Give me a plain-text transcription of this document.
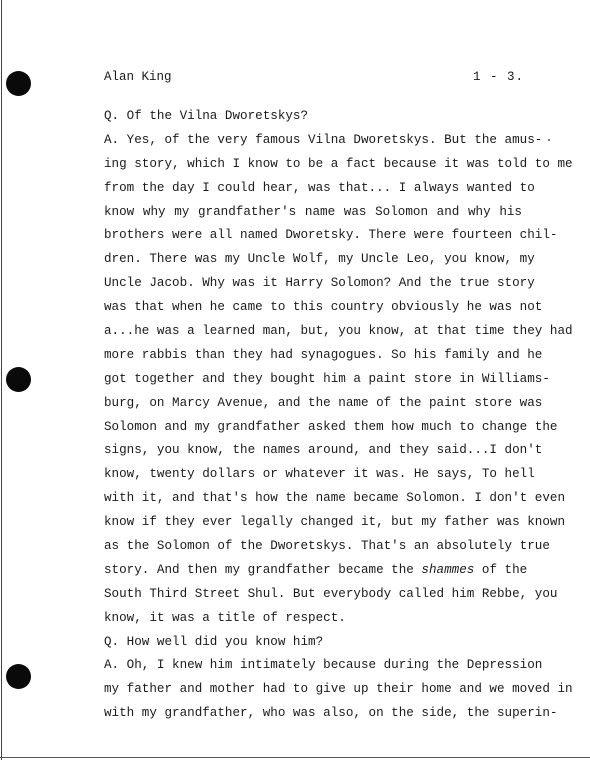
Alan King	1 - 3.
Q. Of the Vilna Dworetskys?
A. Yes, of the very famous Vilna Dworetskys. But the amus-
ing story, which I know to be a fact because it was told to me
from the day I could hear, was that... I always wanted to
know why my grandfather's name was Solomon and why his
brothers were all named Dworetsky. There were fourteen chil-
dren. There was my Uncle Wolf, my Uncle Leo, you know, my
Uncle Jacob. Why was it Harry Solomon? And the true story
was that when he came to this country obviously he was not
a...he was a learned man, but, you know, at that time they had
more rabbis than they had synagogues. So his family and he
got together and they bought him a paint store in Williams-
burg, on Marcy Avenue, and the name of the paint store was
Solomon and my grandfather asked them how much to change the
signs, you know, the names around, and they said...I don't
know, twenty dollars or whatever it was. He says, To hell
with it, and that's how the name became Solomon. I don't even
know if they ever legally changed it, but my father was known
as the Solomon of the Dworetskys. That's an absolutely true
story. And then my grandfather became the shammes of the
South Third Street Shul. But everybody called him Rebbe, you
know, it was a title of respect.
Q. How well did you know him?
A. Oh, I knew him intimately because during the Depression
my father and mother had to give up their home and we moved in
with my grandfather, who was also, on the side, the superin-
